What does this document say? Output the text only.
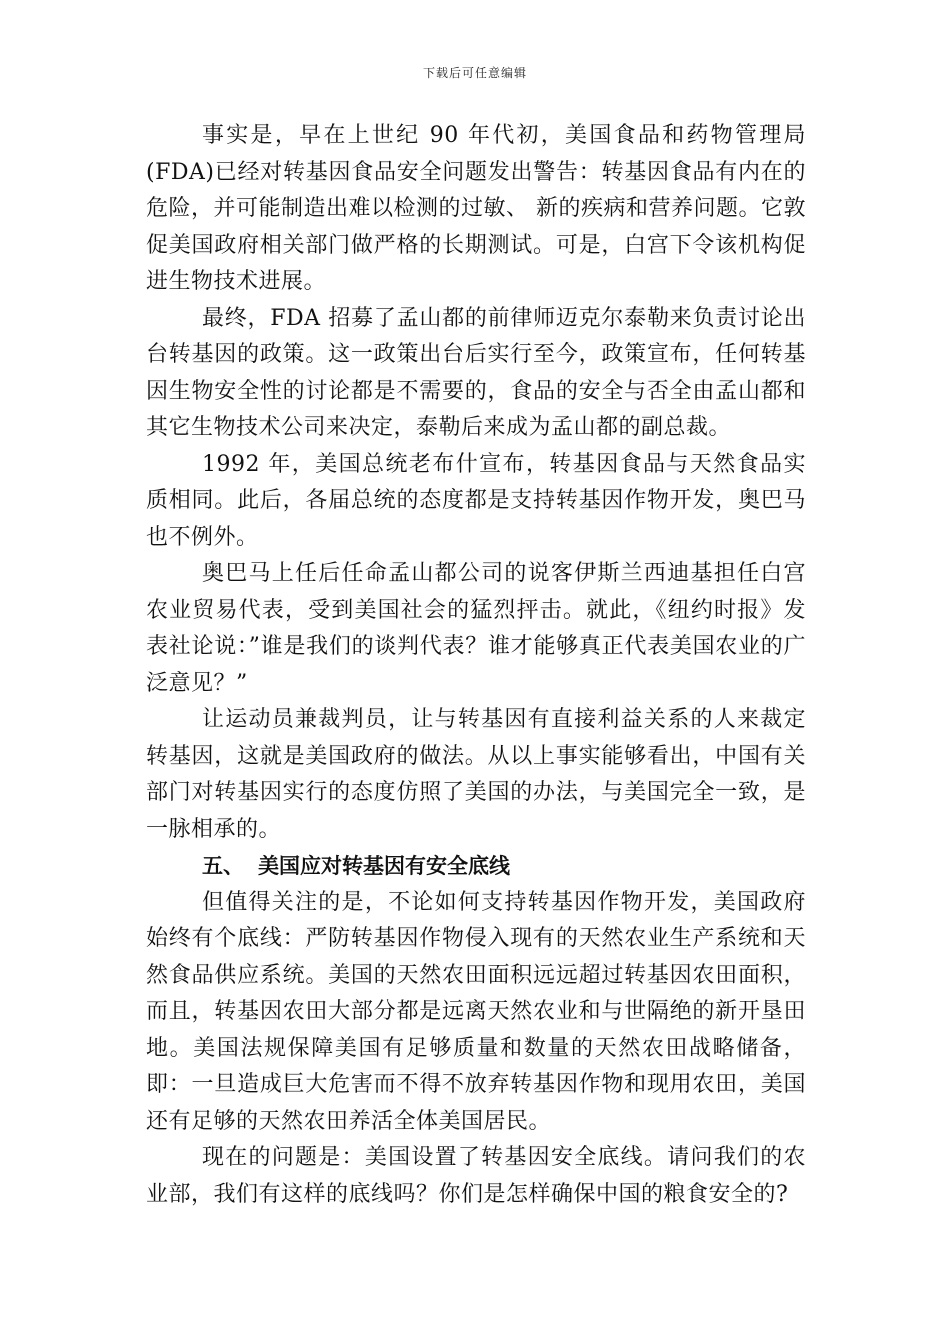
下载后可任意编辑

事实是，早在上世纪 90 年代初，美国食品和药物管理局(FDA)已经对转基因食品安全问题发出警告：转基因食品有内在的危险，并可能制造出难以检测的过敏、 新的疾病和营养问题。它敦促美国政府相关部门做严格的长期测试。可是，白宫下令该机构促进生物技术进展。

最终，FDA 招募了孟山都的前律师迈克尔泰勒来负责讨论出台转基因的政策。这一政策出台后实行至今，政策宣布，任何转基因生物安全性的讨论都是不需要的，食品的安全与否全由孟山都和其它生物技术公司来决定，泰勒后来成为孟山都的副总裁。

1992 年，美国总统老布什宣布，转基因食品与天然食品实质相同。此后，各届总统的态度都是支持转基因作物开发，奥巴马也不例外。

奥巴马上任后任命孟山都公司的说客伊斯兰西迪基担任白宫农业贸易代表，受到美国社会的猛烈抨击。就此，《纽约时报》发表社论说：”谁是我们的谈判代表？谁才能够真正代表美国农业的广泛意见？”

让运动员兼裁判员，让与转基因有直接利益关系的人来裁定转基因，这就是美国政府的做法。从以上事实能够看出，中国有关部门对转基因实行的态度仿照了美国的办法，与美国完全一致，是一脉相承的。

五、 美国应对转基因有安全底线

但值得关注的是，不论如何支持转基因作物开发，美国政府始终有个底线：严防转基因作物侵入现有的天然农业生产系统和天然食品供应系统。美国的天然农田面积远远超过转基因农田面积，而且，转基因农田大部分都是远离天然农业和与世隔绝的新开垦田地。美国法规保障美国有足够质量和数量的天然农田战略储备，即：一旦造成巨大危害而不得不放弃转基因作物和现用农田，美国还有足够的天然农田养活全体美国居民。

现在的问题是：美国设置了转基因安全底线。请问我们的农业部，我们有这样的底线吗？你们是怎样确保中国的粮食安全的?
